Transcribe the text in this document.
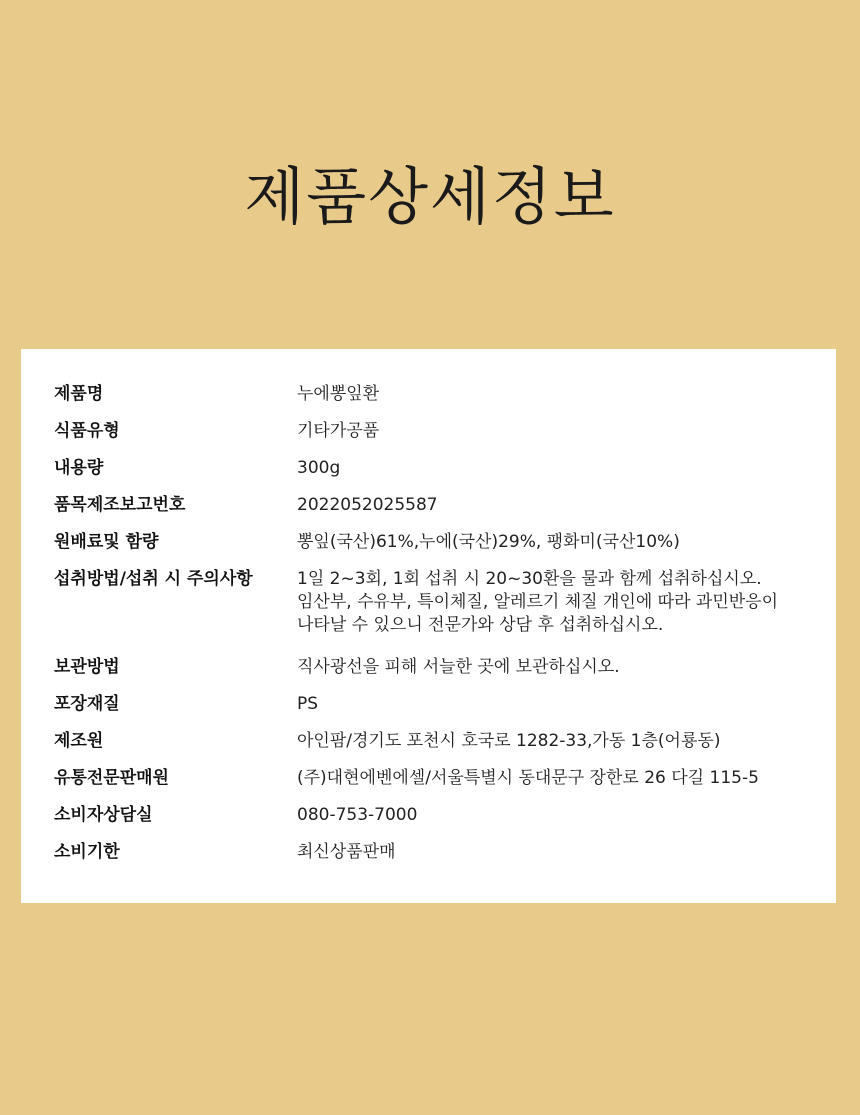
제품상세정보
제품명	누에뽕잎환
식품유형	기타가공품
내용량	300g
품목제조보고번호	2022052025587
원배료및 함량	뽕잎(국산)61%,누에(국산)29%, 팽화미(국산10%)
섭취방법/섭취 시 주의사항	1일 2~3회, 1회 섭취 시 20~30환을 물과 함께 섭취하십시오.
임산부, 수유부, 특이체질, 알레르기 체질 개인에 따라 과민반응이
나타날 수 있으니 전문가와 상담 후 섭취하십시오.
보관방법	직사광선을 피해 서늘한 곳에 보관하십시오.
포장재질	PS
제조원	아인팜/경기도 포천시 호국로 1282-33,가동 1층(어룡동)
유통전문판매원	(주)대현에벤에셀/서울특별시 동대문구 장한로 26 다길 115-5
소비자상담실	080-753-7000
소비기한	최신상품판매
